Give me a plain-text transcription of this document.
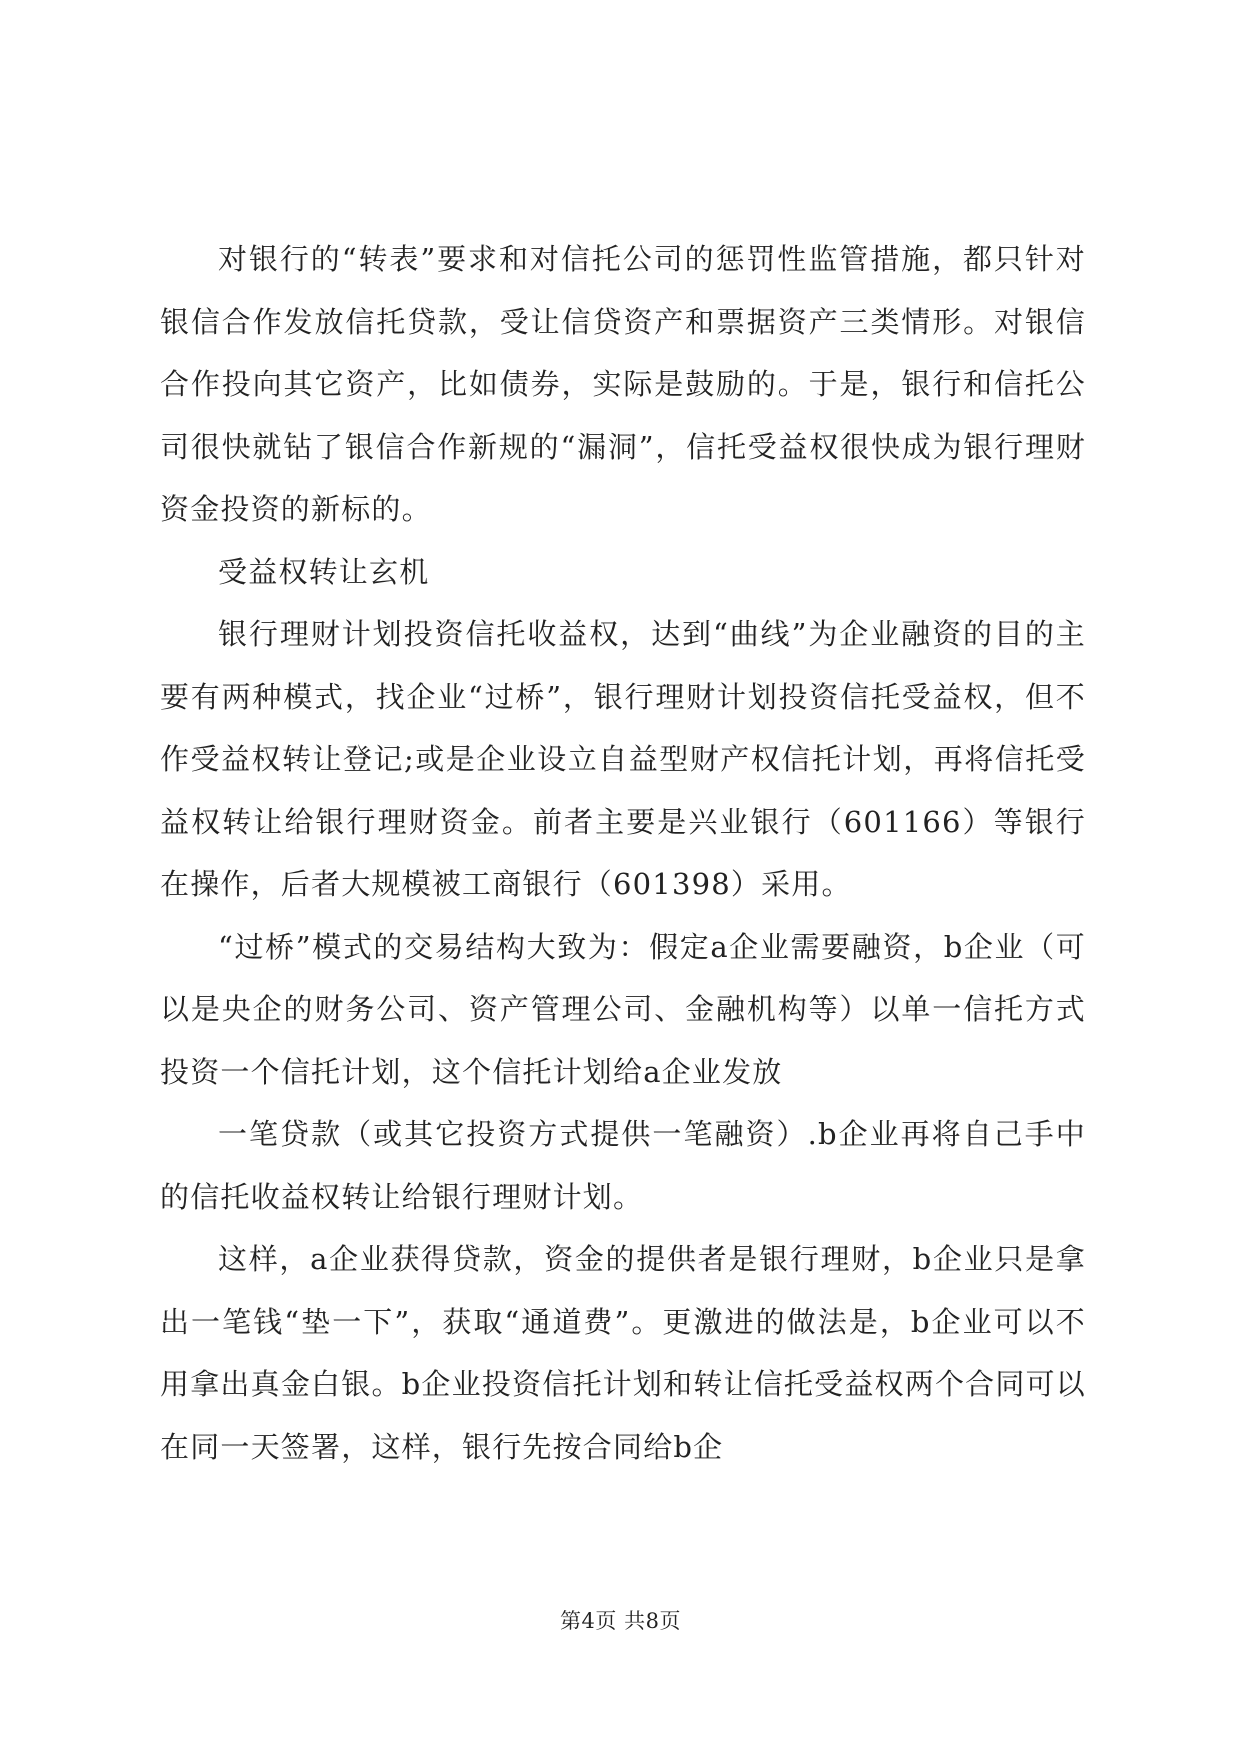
对银行的“转表”要求和对信托公司的惩罚性监管措施，都只针对银信合作发放信托贷款，受让信贷资产和票据资产三类情形。对银信合作投向其它资产，比如债券，实际是鼓励的。于是，银行和信托公司很快就钻了银信合作新规的“漏洞”，信托受益权很快成为银行理财资金投资的新标的。

受益权转让玄机

银行理财计划投资信托收益权，达到“曲线”为企业融资的目的主要有两种模式，找企业“过桥”，银行理财计划投资信托受益权，但不作受益权转让登记;或是企业设立自益型财产权信托计划，再将信托受益权转让给银行理财资金。前者主要是兴业银行（601166）等银行在操作，后者大规模被工商银行（601398）采用。

“过桥”模式的交易结构大致为：假定a企业需要融资，b企业（可以是央企的财务公司、资产管理公司、金融机构等）以单一信托方式投资一个信托计划，这个信托计划给a企业发放

一笔贷款（或其它投资方式提供一笔融资）.b企业再将自己手中的信托收益权转让给银行理财计划。

这样，a企业获得贷款，资金的提供者是银行理财，b企业只是拿出一笔钱“垫一下”，获取“通道费”。更激进的做法是，b企业可以不用拿出真金白银。b企业投资信托计划和转让信托受益权两个合同可以在同一天签署，这样，银行先按合同给b企

第4页 共8页
